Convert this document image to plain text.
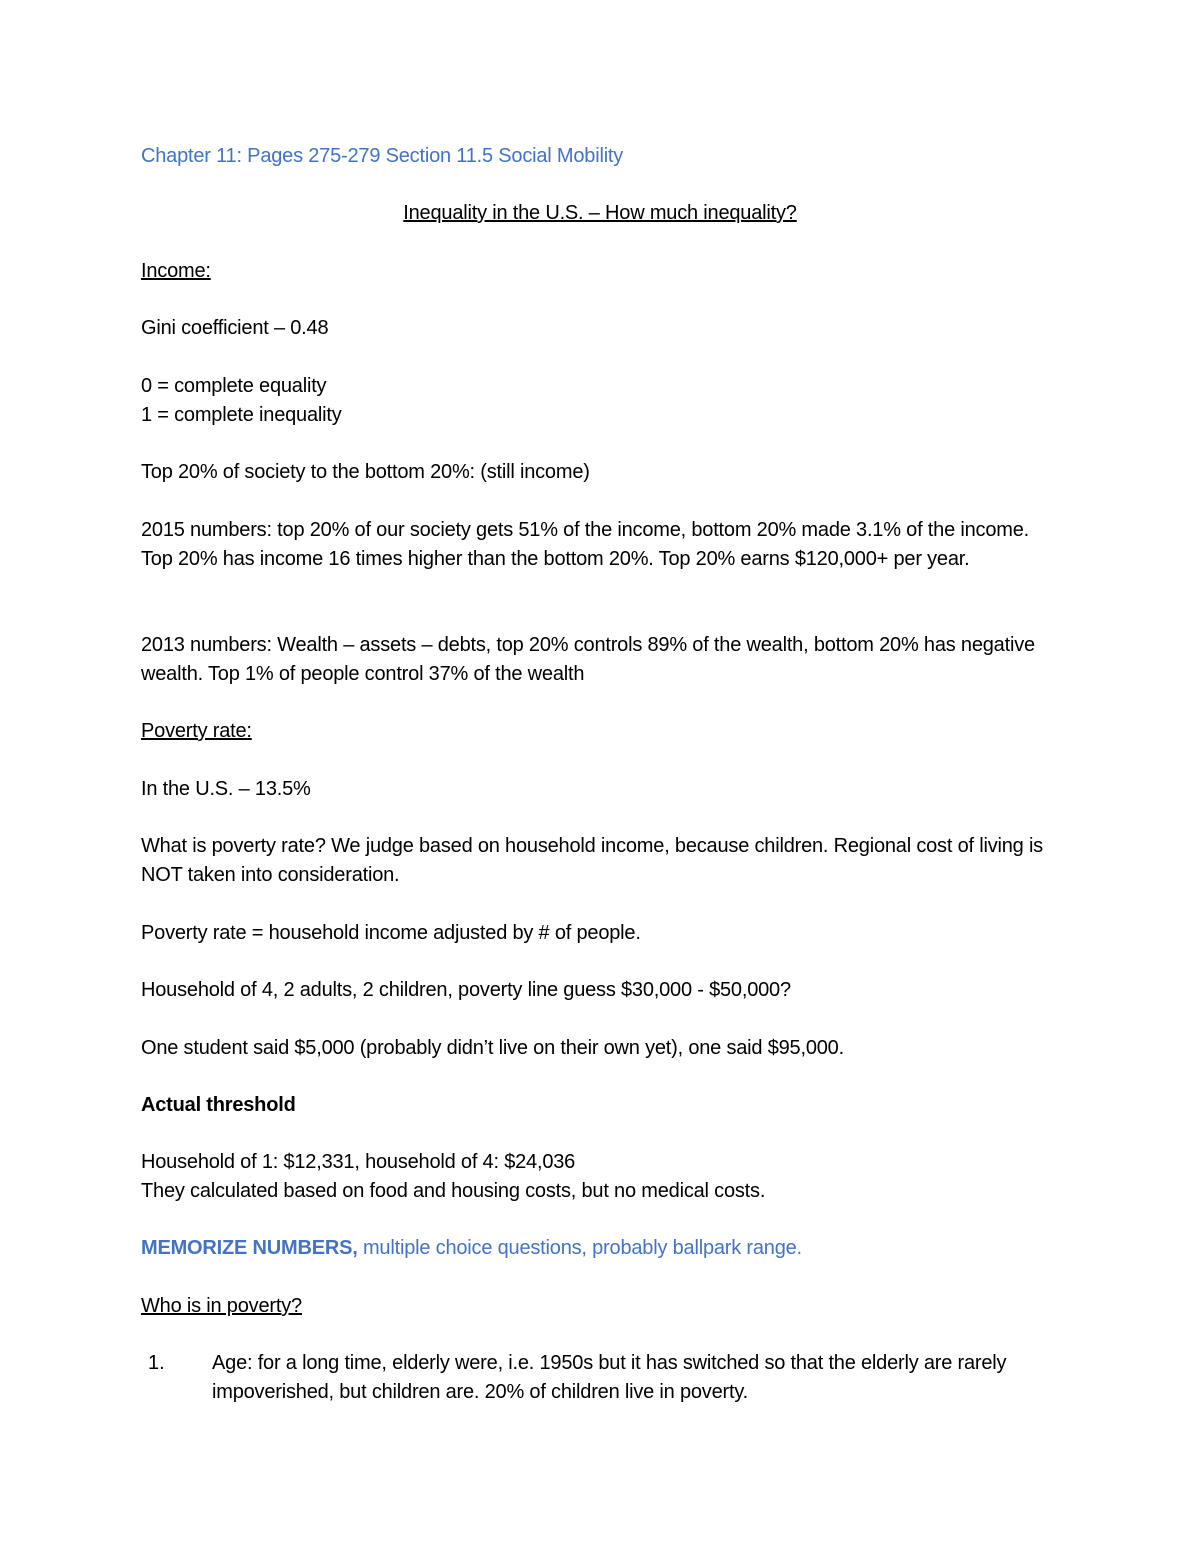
Chapter 11: Pages 275-279 Section 11.5 Social Mobility
Inequality in the U.S. – How much inequality?
Income:
Gini coefficient – 0.48
0 = complete equality
1 = complete inequality
Top 20% of society to the bottom 20%: (still income)
2015 numbers: top 20% of our society gets 51% of the income, bottom 20% made 3.1% of the income. Top 20% has income 16 times higher than the bottom 20%. Top 20% earns $120,000+ per year.
2013 numbers: Wealth – assets – debts, top 20% controls 89% of the wealth, bottom 20% has negative wealth. Top 1% of people control 37% of the wealth
Poverty rate:
In the U.S. – 13.5%
What is poverty rate? We judge based on household income, because children. Regional cost of living is NOT taken into consideration.
Poverty rate = household income adjusted by # of people.
Household of 4, 2 adults, 2 children, poverty line guess $30,000 - $50,000?
One student said $5,000 (probably didn’t live on their own yet), one said $95,000.
Actual threshold
Household of 1: $12,331, household of 4: $24,036
They calculated based on food and housing costs, but no medical costs.
MEMORIZE NUMBERS, multiple choice questions, probably ballpark range.
Who is in poverty?
1. Age: for a long time, elderly were, i.e. 1950s but it has switched so that the elderly are rarely impoverished, but children are. 20% of children live in poverty.
